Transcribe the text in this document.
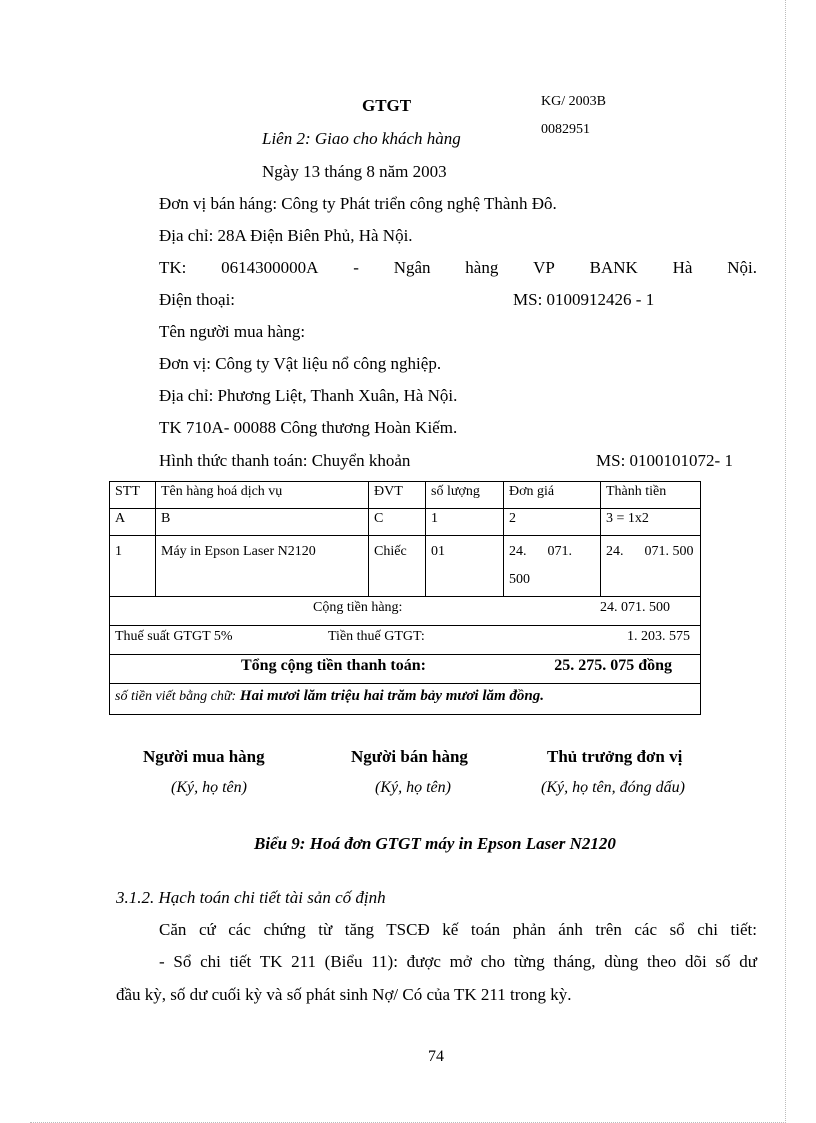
GTGT	KG/ 2003B
0082951
Liên 2: Giao cho khách hàng
Ngày 13 tháng 8 năm 2003
Đơn vị bán háng: Công ty Phát triển công nghệ Thành Đô.
Địa chỉ: 28A Điện Biên Phủ, Hà Nội.
TK: 0614300000A - Ngân hàng VP BANK Hà Nội.
Điện thoại:	MS: 0100912426 - 1
Tên người mua hàng:
Đơn vị: Công ty Vật liệu nổ công nghiệp.
Địa chỉ: Phương Liệt, Thanh Xuân, Hà Nội.
TK 710A- 00088 Công thương Hoàn Kiếm.
Hình thức thanh toán: Chuyển khoản	MS: 0100101072- 1
STT	Tên hàng hoá dịch vụ	ĐVT	số lượng	Đơn giá	Thành tiền
A	B	C	1	2	3 = 1x2
1	Máy in Epson Laser N2120	Chiếc	01	24.      071. 500	24.      071. 500

Cộng tiền hàng: 24. 071. 500					

Thuế suất GTGT 5% Tiền thuế GTGT: 1. 203. 575					

Tổng cộng tiền thanh toán: 25. 275. 075 đồng					

số tiền viết bằng chữ: Hai mươi lăm triệu hai trăm bảy mươi lăm đồng.					
Người mua hàng
(Ký, họ tên)
Người bán hàng
(Ký, họ tên)
Thủ trưởng đơn vị
(Ký, họ tên, đóng dấu)
Biểu 9: Hoá đơn GTGT máy in Epson Laser N2120
3.1.2. Hạch toán chi tiết tài sản cố định
Căn cứ các chứng từ tăng TSCĐ kế toán phản ánh trên các sổ chi tiết:
- Sổ chi tiết TK 211 (Biểu 11): được mở cho từng tháng, dùng theo dõi số dư
đầu kỳ, số dư cuối kỳ và số phát sinh Nợ/ Có của TK 211 trong kỳ.
74
